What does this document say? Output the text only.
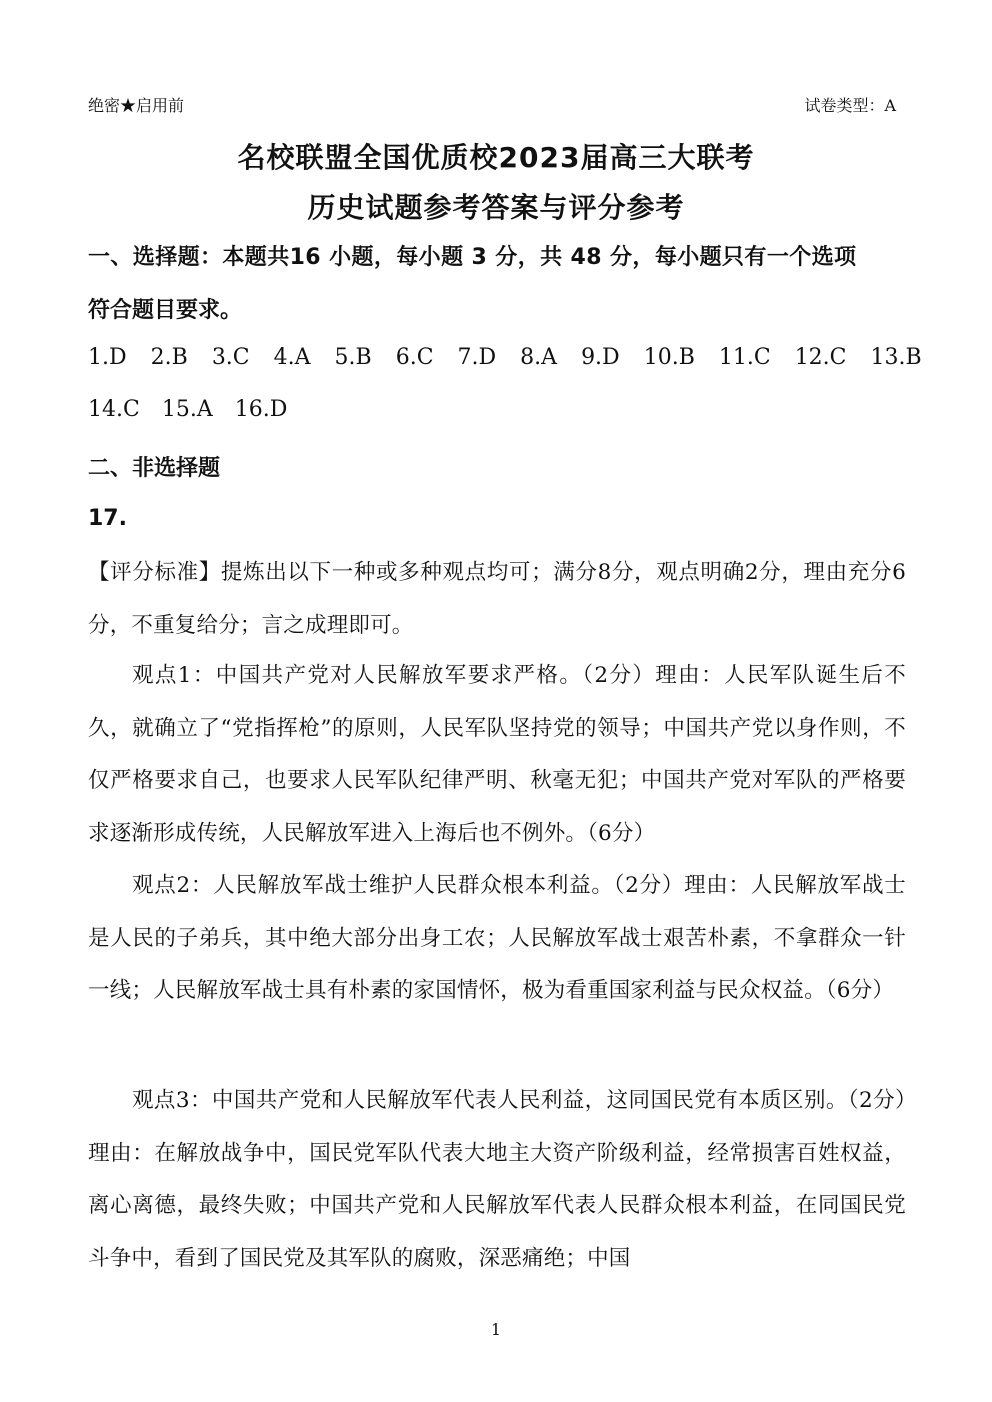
绝密★启用前	试卷类型：A
名校联盟全国优质校2023届高三大联考
历史试题参考答案与评分参考
一、选择题：本题共16 小题，每小题 3 分，共 48 分，每小题只有一个选项
符合题目要求。
1.D 2.B 3.C 4.A 5.B 6.C 7.D 8.A 9.D 10.B 11.C 12.C 13.B
14.C 15.A 16.D
二、非选择题
17.
【评分标准】提炼出以下一种或多种观点均可；满分8分，观点明确2分，理由充分6分，不重复给分；言之成理即可。
观点1：中国共产党对人民解放军要求严格。（2分）理由：人民军队诞生后不久，就确立了“党指挥枪”的原则，人民军队坚持党的领导；中国共产党以身作则，不仅严格要求自己，也要求人民军队纪律严明、秋毫无犯；中国共产党对军队的严格要求逐渐形成传统，人民解放军进入上海后也不例外。（6分）
观点2：人民解放军战士维护人民群众根本利益。（2分）理由：人民解放军战士是人民的子弟兵，其中绝大部分出身工农；人民解放军战士艰苦朴素，不拿群众一针一线；人民解放军战士具有朴素的家国情怀，极为看重国家利益与民众权益。（6分）
观点3：中国共产党和人民解放军代表人民利益，这同国民党有本质区别。（2分）理由：在解放战争中，国民党军队代表大地主大资产阶级利益，经常损害百姓权益，离心离德，最终失败；中国共产党和人民解放军代表人民群众根本利益，在同国民党斗争中，看到了国民党及其军队的腐败，深恶痛绝；中国
1
